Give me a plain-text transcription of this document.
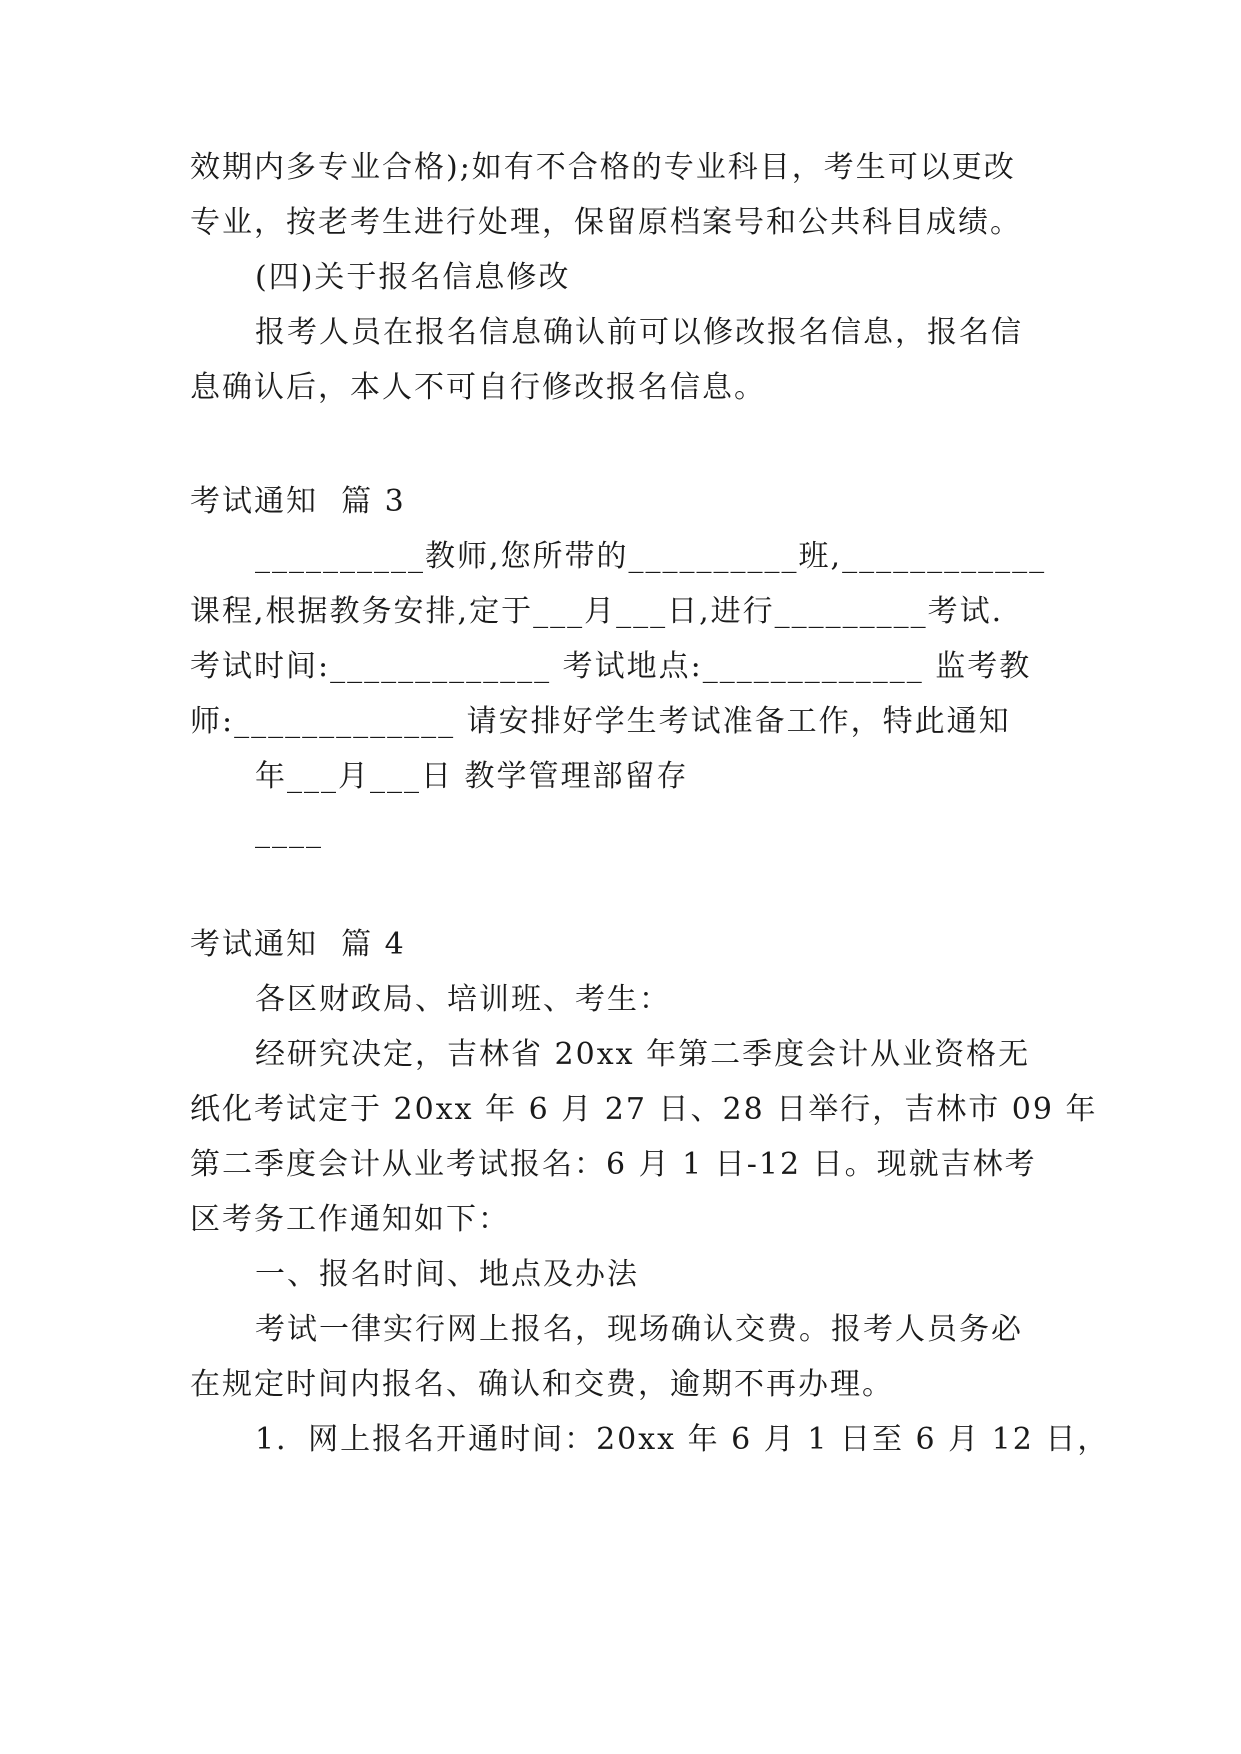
效期内多专业合格);如有不合格的专业科目，考生可以更改
专业，按老考生进行处理，保留原档案号和公共科目成绩。
(四)关于报名信息修改
报考人员在报名信息确认前可以修改报名信息，报名信
息确认后，本人不可自行修改报名信息。
考试通知  篇 3
__________教师,您所带的__________班,____________
课程,根据教务安排,定于___月___日,进行_________考试.
考试时间:_____________ 考试地点:_____________ 监考教
师:_____________ 请安排好学生考试准备工作，特此通知
年___月___日 教学管理部留存
____
考试通知  篇 4
各区财政局、培训班、考生：
经研究决定，吉林省 20xx 年第二季度会计从业资格无
纸化考试定于 20xx 年 6 月 27 日、28 日举行，吉林市 09 年
第二季度会计从业考试报名：6 月 1 日-12 日。现就吉林考
区考务工作通知如下：
一、报名时间、地点及办法
考试一律实行网上报名，现场确认交费。报考人员务必
在规定时间内报名、确认和交费，逾期不再办理。
1．网上报名开通时间：20xx 年 6 月 1 日至 6 月 12 日，
